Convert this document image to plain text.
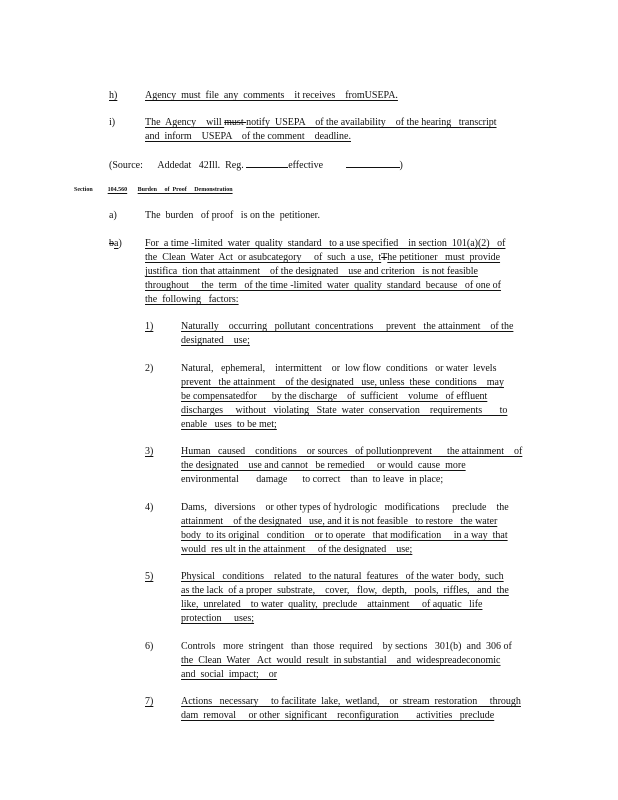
h)	Agency  must  file  any  comments    it receives    fromUSEPA.
i)	The  Agency    will must notify  USEPA    of the availability    of the hearing   transcript
and  inform    USEPA    of the comment    deadline.
(Source: Addedat   42Ill.  Reg.	effective	)
Section	104.560 Burden     of  Proof     Demonstration
a)	The  burden   of proof   is on the  petitioner.
ba) For  a time -limited  water  quality  standard   to a use specified    in section  101(a)(2)   of
the  Clean  Water  Act  or asubcategory     of  such  a use,  tThe petitioner   must  provide
justifica  tion that attainment    of the designated    use and criterion   is not feasible
throughout     the  term   of the time -limited  water  quality  standard  because   of one of
the  following   factors:
1)	Naturally    occurring   pollutant  concentrations     prevent   the attainment    of the
designated    use;
2)	Natural,   ephemeral,    intermittent    or  low flow  conditions   or water  levels
prevent   the attainment    of the designated   use, unless  these  conditions    may
be compensatedfor      by the discharge    of  sufficient    volume   of effluent
discharges     without   violating   State  water  conservation    requirements       to
enable   uses  to be met;
3)	Human   caused    conditions    or sources   of pollutionprevent      the attainment    of
the designated    use and cannot   be remedied     or would  cause  more
environmental       damage      to correct    than  to leave  in place;
4)	Dams,   diversions    or other types of hydrologic   modifications     preclude    the
attainment    of the designated   use, and it is not feasible   to restore   the water
body  to its original   condition    or to operate   that modification     in a way  that
would  res ult in the attainment     of the designated    use;
5)	Physical   conditions    related   to the natural  features   of the water  body,  such
as the lack  of a proper  substrate,    cover,   flow,  depth,   pools,  riffles,   and  the
like,  unrelated    to water  quality,  preclude    attainment     of aquatic   life
protection     uses;
6)	Controls   more  stringent   than  those  required    by sections   301(b)  and  306 of
the  Clean  Water   Act  would  result  in substantial    and  widespreadeconomic
and  social  impact;    or
7)	Actions   necessary     to facilitate  lake,  wetland,    or  stream  restoration     through
dam  removal     or other  significant    reconfiguration       activities   preclude
